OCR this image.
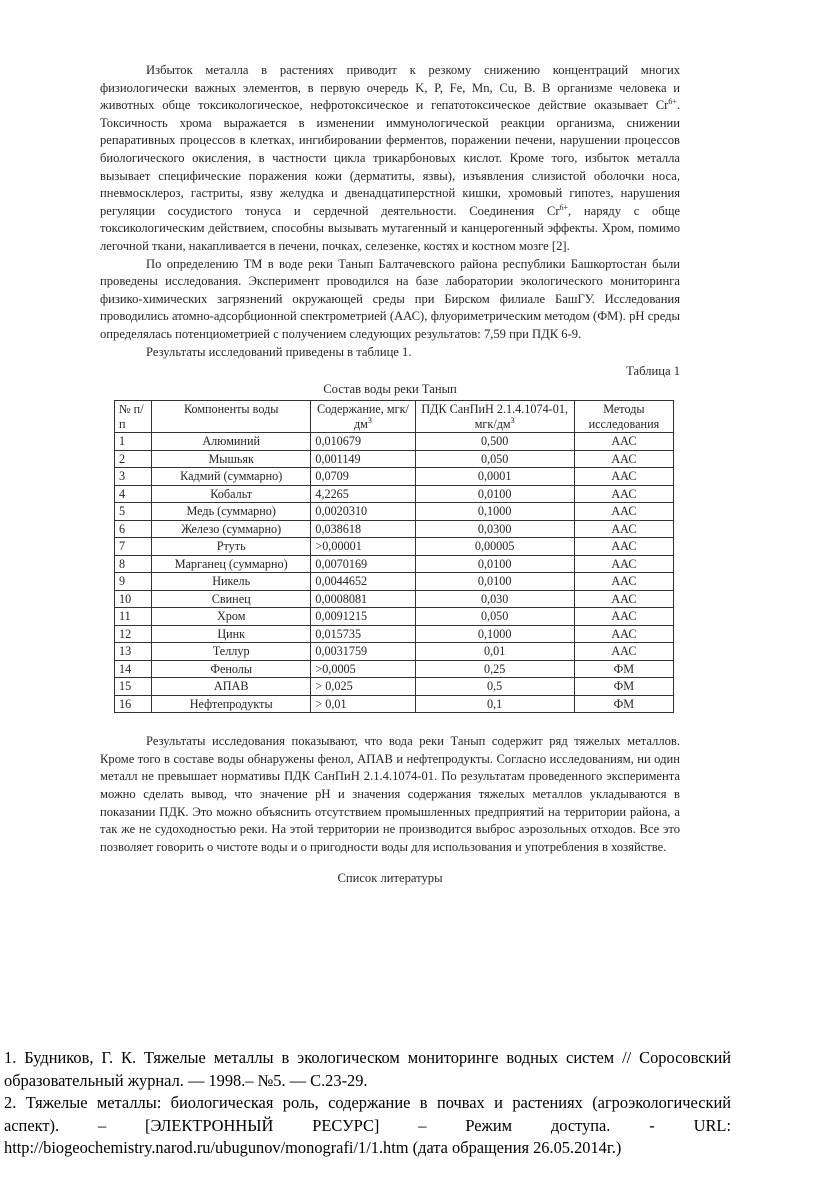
Избыток металла в растениях приводит к резкому снижению концентраций многих физиологически важных элементов, в первую очередь K, P, Fe, Mn, Cu, B. В организме человека и животных обще токсикологическое, нефротоксическое и гепатотоксическое действие оказывает $Cr^{6+}$. Токсичность хрома выражается в изменении иммунологической реакции организма, снижении репаративных процессов в клетках, ингибировании ферментов, поражении печени, нарушении процессов биологического окисления, в частности цикла трикарбоновых кислот. Кроме того, избыток металла вызывает специфические поражения кожи (дерматиты, язвы), изъявления слизистой оболочки носа, пневмосклероз, гастриты, язву желудка и двенадцатиперстной кишки, хромовый гипотез, нарушения регуляции сосудистого тонуса и сердечной деятельности. Соединения $Cr^{6+}$, наряду с обще токсикологическим действием, способны вызывать мутагенный и канцерогенный эффекты. Хром, помимо легочной ткани, накапливается в печени, почках, селезенке, костях и костном мозге [2].

По определению ТМ в воде реки Танып Балтачевского района республики Башкортостан были проведены исследования. Эксперимент проводился на базе лаборатории экологического мониторинга физико-химических загрязнений окружающей среды при Бирском филиале БашГУ. Исследования проводились атомно-адсорбционной спектрометрией (ААС), флуориметрическим методом (ФМ). pH среды определялась потенциометрией с получением следующих результатов: 7,59 при ПДК 6-9.

Результаты исследований приведены в таблице 1.

Таблица 1

Состав воды реки Танып

№ п/п	Компоненты воды	Содержание, мгк/$дм^3$	ПДК СанПиН 2.1.4.1074-01, мгк/$дм^3$	Методы исследования
1	Алюминий	0,010679	0,500	ААС
2	Мышьяк	0,001149	0,050	ААС
3	Кадмий (суммарно)	0,0709	0,0001	ААС
4	Кобальт	4,2265	0,0100	ААС
5	Медь (суммарно)	0,0020310	0,1000	ААС
6	Железо (суммарно)	0,038618	0,0300	ААС
7	Ртуть	>0,00001	0,00005	ААС
8	Марганец (суммарно)	0,0070169	0,0100	ААС
9	Никель	0,0044652	0,0100	ААС
10	Свинец	0,0008081	0,030	ААС
11	Хром	0,0091215	0,050	ААС
12	Цинк	0,015735	0,1000	ААС
13	Теллур	0,0031759	0,01	ААС
14	Фенолы	>0,0005	0,25	ФМ
15	АПАВ	> 0,025	0,5	ФМ
16	Нефтепродукты	> 0,01	0,1	ФМ

Результаты исследования показывают, что вода реки Танып содержит ряд тяжелых металлов. Кроме того в составе воды обнаружены фенол, АПАВ и нефтепродукты. Согласно исследованиям, ни один металл не превышает нормативы ПДК СанПиН 2.1.4.1074-01. По результатам проведенного эксперимента можно сделать вывод, что значение pH и значения содержания тяжелых металлов укладываются в показании ПДК. Это можно объяснить отсутствием промышленных предприятий на территории района, а так же не судоходностью реки. На этой территории не производится выброс аэрозольных отходов. Все это позволяет говорить о чистоте воды и о пригодности воды для использования и употребления в хозяйстве.

Список литературы

1. Будников, Г. К. Тяжелые металлы в экологическом мониторинге водных систем // Соросовский образовательный журнал. — 1998.– №5. — С.23-29.

2. Тяжелые металлы: биологическая роль, содержание в почвах и растениях (агроэкологический аспект). – [ЭЛЕКТРОННЫЙ РЕСУРС] – Режим доступа. - URL: http://biogeochemistry.narod.ru/ubugunov/monografi/1/1.htm (дата обращения 26.05.2014г.)
